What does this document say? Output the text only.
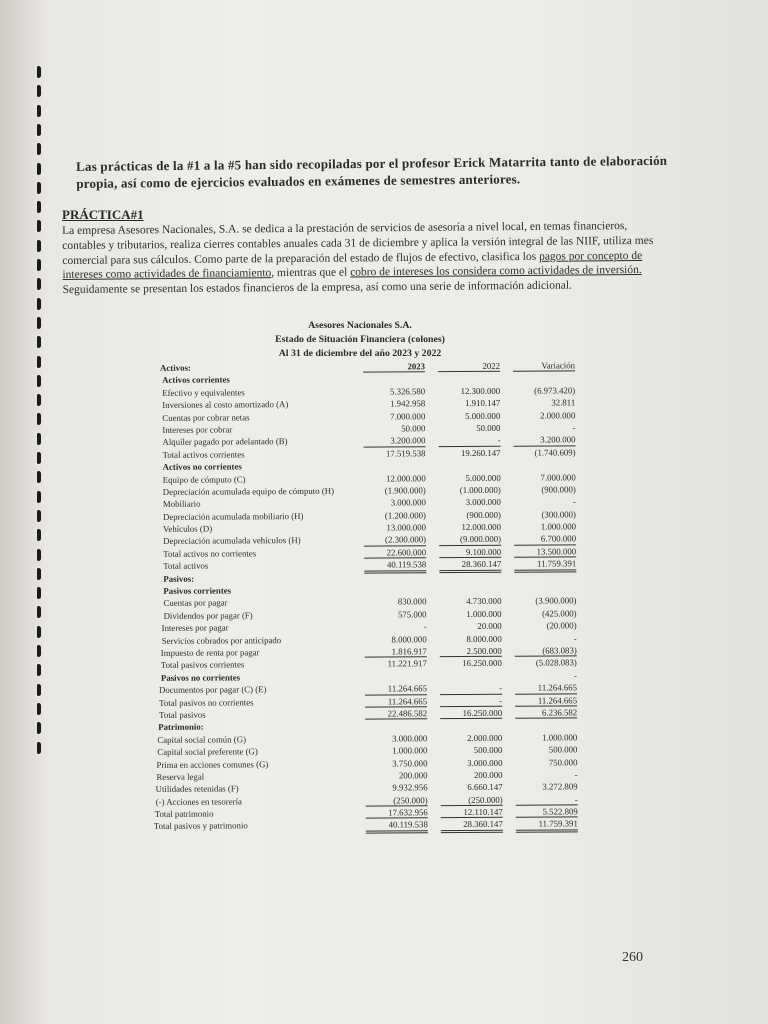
Las prácticas de la #1 a la #5 han sido recopiladas por el profesor Erick Matarrita tanto de elaboración propia, así como de ejercicios evaluados en exámenes de semestres anteriores.
PRÁCTICA#1
La empresa Asesores Nacionales, S.A. se dedica a la prestación de servicios de asesoría a nivel local, en temas financieros, contables y tributarios, realiza cierres contables anuales cada 31 de diciembre y aplica la versión integral de las NIIF, utiliza mes comercial para sus cálculos. Como parte de la preparación del estado de flujos de efectivo, clasifica los pagos por concepto de intereses como actividades de financiamiento, mientras que el cobro de intereses los considera como actividades de inversión. Seguidamente se presentan los estados financieros de la empresa, así como una serie de información adicional.
Asesores Nacionales S.A.
Estado de Situación Financiera (colones)
Al 31 de diciembre del año 2023 y 2022
Activos:	2023	2022	Variación
Activos corrientes
Efectivo y equivalentes	5.326.580	12.300.000	(6.973.420)
Inversiones al costo amortizado (A)	1.942.958	1.910.147	32.811
Cuentas por cobrar netas	7.000.000	5.000.000	2.000.000
Intereses por cobrar	50.000	50.000	-
Alquiler pagado por adelantado (B)	3.200.000	-	3.200.000
Total activos corrientes	17.519.538	19.260.147	(1.740.609)
Activos no corrientes
Equipo de cómputo (C)	12.000.000	5.000.000	7.000.000
Depreciación acumulada equipo de cómputo (H)	(1.900.000)	(1.000.000)	(900.000)
Mobiliario	3.000.000	3.000.000	-
Depreciación acumulada mobiliario (H)	(1.200.000)	(900.000)	(300.000)
Vehículos (D)	13.000.000	12.000.000	1.000.000
Depreciación acumulada vehículos (H)	(2.300.000)	(9.000.000)	6.700.000
Total activos no corrientes	22.600.000	9.100.000	13.500.000
Total activos	40.119.538	28.360.147	11.759.391
Pasivos:
Pasivos corrientes
Cuentas por pagar	830.000	4.730.000	(3.900.000)
Dividendos por pagar (F)	575.000	1.000.000	(425.000)
Intereses por pagar	-	20.000	(20.000)
Servicios cobrados por anticipado	8.000.000	8.000.000	-
Impuesto de renta por pagar	1.816.917	2.500.000	(683.083)
Total pasivos corrientes	11.221.917	16.250.000	(5.028.083)
Pasivos no corrientes	-
Documentos por pagar (C) (E)	11.264.665	-	11.264.665
Total pasivos no corrientes	11.264.665	-	11.264.665
Total pasivos	22.486.582	16.250.000	6.236.582
Patrimonio:
Capital social común (G)	3.000.000	2.000.000	1.000.000
Capital social preferente (G)	1.000.000	500.000	500.000
Prima en acciones comunes (G)	3.750.000	3.000.000	750.000
Reserva legal	200.000	200.000	-
Utilidades retenidas (F)	9.932.956	6.660.147	3.272.809
(-) Acciones en tesorería	(250.000)	(250.000)	-
Total patrimonio	17.632.956	12.110.147	5.522.809
Total pasivos y patrimonio	40.119.538	28.360.147	11.759.391
260
